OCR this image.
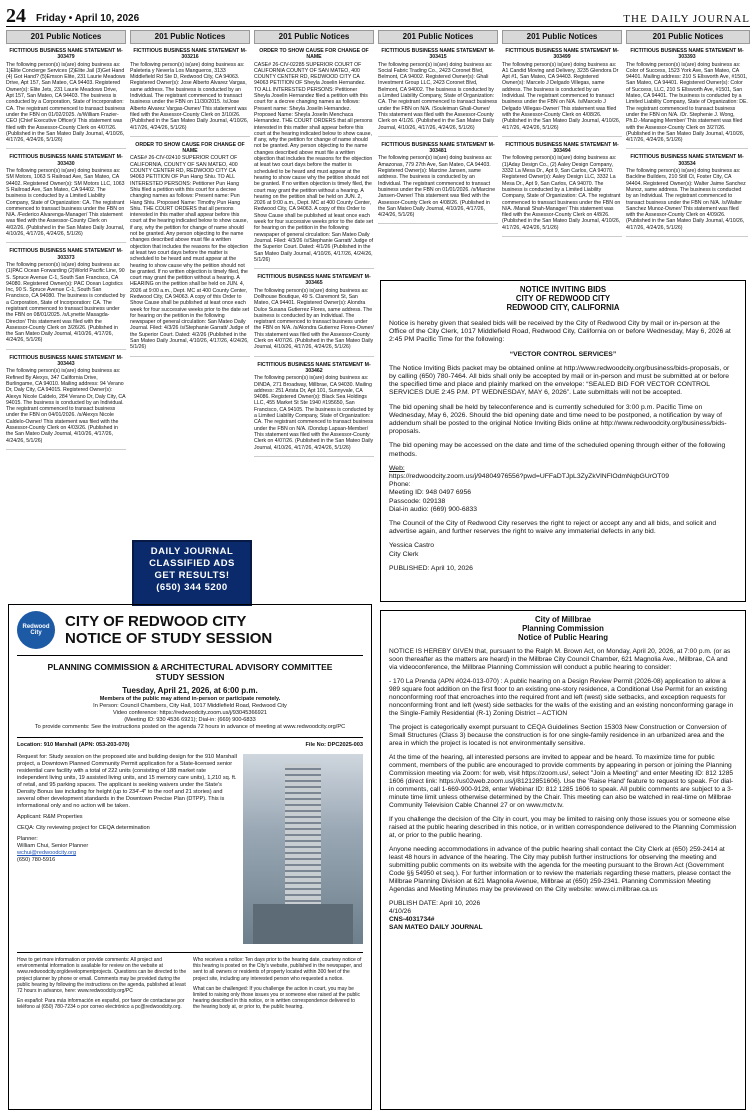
24 Friday • April 10, 2026	THE DAILY JOURNAL
201 Public Notices	201 Public Notices	201 Public Notices	201 Public Notices	201 Public Notices	201 Public Notices
FICTITIOUS BUSINESS NAME STATEMENT M-303479

The following person(s) is(are) doing business as: 1)Elite Concierge Services (2)Elite Jail (3)Get Hand (4) Got Hand? (5)Emson Elite, 231 Laurie Meadows Drive, Apt 157, San Mateo, CA 94403. Registered Owner(s): Elite Jets, 231 Laurie Meadows Drive, Apt 157, San Mateo, CA 94403. The business is conducted by a Corporation, State of Incorporation: CA. The registrant commenced to transact business under the FBN on 01/02/2025. /s/William Frazier-CEO (Chief Executive Officer)/ This statement was filed with the Assessor-County Clerk on 4/07/26. (Published in the San Mateo Daily Journal, 4/10/26, 4/17/26, 4/24/26, 5/1/26)

FICTITIOUS BUSINESS NAME STATEMENT M-303430

The following person(s) is(are) doing business as: SM Motors, 1063 S Railroad Ave, San Mateo, CA 94402. Registered Owner(s): SM Motors LLC, 1063 S Railroad Ave, San Mateo, CA 94402. The business is conducted by a Limited Liability Company, State of Organization: CA. The registrant commenced to transact business under the FBN on N/A. /Federico Alvarenga-Manager/ This statement was filed with the Assessor-County Clerk on 4/02/26. (Published in the San Mateo Daily Journal, 4/10/26, 4/17/26, 4/24/26, 5/1/26)

FICTITIOUS BUSINESS NAME STATEMENT M-303373

The following person(s) is(are) doing business as: (1)PAC Ocean Forwarding (2)World Pacific Line, 90 S. Spruce Avenue C-1, South San Francisco, CA 94080. Registered Owner(s): PAC Ocean Logistics Inc, 90 S. Spruce Avenue C-1, South San Francisco, CA 94080. The business is conducted by a Corporation, State of Incorporation: CA. The registrant commenced to transact business under the FBN on 08/01/2025. /s/Lynette Masagda-Director/ This statement was filed with the Assessor-County Clerk on 3/26/26. (Published in the San Mateo Daily Journal, 4/10/26, 4/17/26, 4/24/26, 5/1/26)

FICTITIOUS BUSINESS NAME STATEMENT M-303443

The following person(s) is(are) doing business as: Refined By Alexys, 347 California Drive, Burlingame, CA 94010. Mailing address: 94 Verano Dr, Daly City, CA 94015. Registered Owner(s): Alexys Nicole Caldelo, 284 Verano Dr, Daly City, CA 94015. The business is conducted by an Individual. The registrant commenced to transact business under the FBN on 04/01/2026. /s/Alexys Nicole Caldelo-Owner/ This statement was filed with the Assessor-County Clerk on 4/03/26. (Published in the San Mateo Daily Journal, 4/10/26, 4/17/26, 4/24/26, 5/1/26)

FICTITIOUS BUSINESS NAME STATEMENT M-303216

The following person(s) is(are) doing business as: Paleteria y Nevería Los Mangueros, 3133 Middlefield Rd Ste D, Redwood City, CA 94063. Registered Owner(s): Jose Alberto Alvarez Vargas, same address. The business is conducted by an Individual. The registrant commenced to transact business under the FBN on 11/30/2015. /s/Jose Alberto Alvarez Vargas-Owner/ This statement was filed with the Assessor-County Clerk on 3/10/26. (Published in the San Mateo Daily Journal, 4/10/26, 4/17/26, 4/24/26, 5/1/26)

ORDER TO SHOW CAUSE FOR CHANGE OF NAME

CASE# 26-CIV-02410 SUPERIOR COURT OF CALIFORNIA, COUNTY OF SAN MATEO, 400 COUNTY CENTER RD, REDWOOD CITY CA 94063 PETITION OF Pun Hang Shiu. TO ALL INTERESTED PERSONS: Petitioner Pun Hang Shiu filed a petition with this court for a decree changing names as follows: Present name: Pun Hang Shiu. Proposed Name: Timothy Pun Hang Shiu. THE COURT ORDERS that all persons interested in this matter shall appear before this court at the hearing indicated below to show cause, if any, why the petition for change of name should not be granted. Any person objecting to the name changes described above must file a written objection that includes the reasons for the objection at least two court days before the matter is scheduled to be heard and must appear at the hearing to show cause why the petition should not be granted. If no written objection is timely filed, the court may grant the petition without a hearing. A HEARING on the petition shall be held on JUN. 4, 2026 at 9:00 a.m., Dept. MC at 400 County Center, Redwood City, CA 94063. A copy of this Order to Show Cause shall be published at least once each week for four successive weeks prior to the date set for hearing on the petition in the following newspaper of general circulation: San Mateo Daily Journal. Filed: 4/3/26 /s/Stephanie Garratt/ Judge of the Superior Court. Dated: 4/2/26 (Published in the San Mateo Daily Journal, 4/10/26, 4/17/26, 4/24/26, 5/1/26)

DAILY JOURNAL
CLASSIFIED ADS
GET RESULTS!
(650) 344 5200
ORDER TO SHOW CAUSE FOR CHANGE OF NAME

CASE# 26-CIV-02285 SUPERIOR COURT OF CALIFORNIA COUNTY OF SAN MATEO, 400 COUNTY CENTER RD, REDWOOD CITY CA 94063 PETITION OF Sheyla Joselin Hernandez. TO ALL INTERESTED PERSONS: Petitioner Sheyla Joselin Hernandez filed a petition with this court for a decree changing names as follows: Present name: Sheyla Joselin Hernandez. Proposed Name: Sheyla Joselin Menchaca Hernandez. THE COURT ORDERS that all persons interested in this matter shall appear before this court at the hearing indicated below to show cause, if any, why the petition for change of name should not be granted. Any person objecting to the name changes described above must file a written objection that includes the reasons for the objection at least two court days before the matter is scheduled to be heard and must appear at the hearing to show cause why the petition should not be granted. If no written objection is timely filed, the court may grant the petition without a hearing. A hearing on the petition shall be held on JUN. 2, 2026 at 9:00 a.m., Dept. MC at 400 County Center, Redwood City, CA 94063. A copy of this Order to Show Cause shall be published at least once each week for four successive weeks prior to the date set for hearing on the petition in the following newspaper of general circulation: San Mateo Daily Journal. Filed: 4/3/26 /s/Stephanie Garratt/ Judge of the Superior Court. Dated: 4/1/26 (Published in the San Mateo Daily Journal, 4/10/26, 4/17/26, 4/24/26, 5/1/26)

FICTITIOUS BUSINESS NAME STATEMENT M-303465

The following person(s) is(are) doing business as: Dollhouse Boutique, 49 S. Claremont St, San Mateo, CA 94401. Registered Owner(s): Alondra Dulce Susana Gutierrez Flores, same address. The business is conducted by an Individual. The registrant commenced to transact business under the FBN on N/A. /s/Alondra Gutierrez Flores-Owner/ This statement was filed with the Assessor-County Clerk on 4/07/26. (Published in the San Mateo Daily Journal, 4/10/26, 4/17/26, 4/24/26, 5/1/26)

FICTITIOUS BUSINESS NAME STATEMENT M-303462

The following person(s) is(are) doing business as: DINDA, 271 Broadway, Millbrae, CA 94030. Mailing address: 251 Arista Dr, Apt 101, Sunnyvale, CA 94086. Registered Owner(s): Black Sea Holdings LLC, 455 Market St Ste 1940 #195650, San Francisco, CA 94105. The business is conducted by a Limited Liability Company, State of Organization: CA. The registrant commenced to transact business under the FBN on N/A. /Dondup Lapsan-Member/ This statement was filed with the Assessor-County Clerk on 4/07/26. (Published in the San Mateo Daily Journal, 4/10/26, 4/17/26, 4/24/26, 5/1/26)

FICTITIOUS BUSINESS NAME STATEMENT M-303415

The following person(s) is(are) doing business as: Social Fabric Trading Co., 2423 Coronet Blvd, Belmont, CA 94002. Registered Owner(s): Ghali Investment Group LLC, 2423 Coronet Blvd, Belmont, CA 94002. The business is conducted by a Limited Liability Company, State of Organization: CA. The registrant commenced to transact business under the FBN on N/A. /Souleiman Ghali-Owner/ This statement was filed with the Assessor-County Clerk on 4/1/26. (Published in the San Mateo Daily Journal, 4/10/26, 4/17/26, 4/24/26, 5/1/26)

FICTITIOUS BUSINESS NAME STATEMENT M-303481

The following person(s) is(are) doing business as: Amazonas, 779 27th Ave, San Mateo, CA 94403. Registered Owner(s): Marcine Jansen, same address. The business is conducted by an Individual. The registrant commenced to transact business under the FBN on 01/01/2026. /s/Marcine Jansen-Owner/ This statement was filed with the Assessor-County Clerk on 4/08/26. (Published in the San Mateo Daily Journal, 4/10/26, 4/17/26, 4/24/26, 5/1/26)

FICTITIOUS BUSINESS NAME STATEMENT M-303499

The following person(s) is(are) doing business as: A1 Candid Moving and Delivery, 3235 Glendora Dr Apt #1, San Mateo, CA 94403. Registered Owner(s): Marcelo J Delgado Villegas, same address. The business is conducted by an Individual. The registrant commenced to transact business under the FBN on N/A. /s/Marcelo J Delgado Villegas-Owner/ This statement was filed with the Assessor-County Clerk on 4/08/26. (Published in the San Mateo Daily Journal, 4/10/26, 4/17/26, 4/24/26, 5/1/26)

FICTITIOUS BUSINESS NAME STATEMENT M-303494

The following person(s) is(are) doing business as: (1)Aday Design Co., (2) Aaley Design Company, 3332 La Mesa Dr., Apt 9, San Carlos, CA 94070. Registered Owner(s): Aaley Design LLC, 3332 La Mesa Dr., Apt 9, San Carlos, CA 94070. The business is conducted by a Limited Liability Company, State of Organization: CA. The registrant commenced to transact business under the FBN on N/A. /Manali Shah-Manager/ This statement was filed with the Assessor-County Clerk on 4/8/26. (Published in the San Mateo Daily Journal, 4/10/26, 4/17/26, 4/24/26, 5/1/26)

FICTITIOUS BUSINESS NAME STATEMENT M-303393

The following person(s) is(are) doing business as: Color of Success, 1523 York Ave, San Mateo, CA 94401. Mailing address: 210 S Ellsworth Ave, #1501, San Mateo, CA 94401. Registered Owner(s): Color of Success, LLC, 210 S Ellsworth Ave, #1501, San Mateo, CA 94401. The business is conducted by a Limited Liability Company, State of Organization: DE. The registrant commenced to transact business under the FBN on N/A. /Dr. Stephenie J. Wong, Ph.D.-Managing Member/ This statement was filed with the Assessor-County Clerk on 3/27/26. (Published in the San Mateo Daily Journal, 4/10/26, 4/17/26, 4/24/26, 5/1/26)

FICTITIOUS BUSINESS NAME STATEMENT M-303534

The following person(s) is(are) doing business as: Backline Builders, 210 Still Ct, Foster City, CA 94404. Registered Owner(s): Walter Jaime Sanchez Munoz, same address. The business is conducted by an Individual. The registrant commenced to transact business under the FBN on N/A. /s/Walter Sanchez Munoz-Owner/ This statement was filed with the Assessor-County Clerk on 4/09/26. (Published in the San Mateo Daily Journal, 4/10/26, 4/17/26, 4/24/26, 5/1/26)

NOTICE INVITING BIDS
CITY OF REDWOOD CITY
REDWOOD CITY, CALIFORNIA

Notice is hereby given that sealed bids will be received by the City of Redwood City by mail or in-person at the Office of the City Clerk, 1017 Middlefield Road, Redwood City, California on or before Wednesday, May 6, 2026 at 2:45 PM Pacific Time for the following:

“VECTOR CONTROL SERVICES”

The Notice Inviting Bids packet may be obtained online at http://www.redwoodcity.org/business/bids-proposals, or by calling (650) 780-7464. All bids shall only be accepted by mail or in-person and must be submitted at or before the specified time and place and plainly marked on the envelope: “SEALED BID FOR VECTOR CONTROL SERVICES DUE 2:45 P.M. PT WEDNESDAY, MAY 6, 2026”. Late submittals will not be accepted.

The bid opening shall be held by teleconference and is currently scheduled for 3:00 p.m. Pacific Time on Wednesday, May 6, 2026. Should the bid opening date and time need to be postponed, a notification by way of addendum shall be posted to the original Notice Inviting Bids online at http://www.redwoodcity.org/business/bids-proposals.

The bid opening may be accessed on the date and time of the scheduled opening through either of the following methods.

Web:
https://redwoodcity.zoom.us/j/94804976556?pwd=UFFaDTJpL3ZyZkVlNFlOdmNqbGUrOT09
Phone:
Meeting ID: 948 0497 6956
Passcode: 029138
Dial-in audio: (669) 900-6833

The Council of the City of Redwood City reserves the right to reject or accept any and all bids, and solicit and advertise again, and further reserves the right to waive any immaterial defects in any bid.

Yessica Castro
City Clerk
PUBLISHED: April 10, 2026
Redwood City
CITY OF REDWOOD CITY
NOTICE OF STUDY SESSION
PLANNING COMMISSION & ARCHITECTURAL ADVISORY COMMITTEE
STUDY SESSION
Tuesday, April 21, 2026, at 6:00 p.m.
Members of the public may attend in-person or participate remotely.
In Person: Council Chambers, City Hall, 1017 Middlefield Road, Redwood City
Video conference: https://redwoodcity.zoom.us/j/93045366921
(Meeting ID: 930 4536 6921); Dial-in: (669) 900-6833
To provide comments: See the instructions posted on the agenda 72 hours in advance of meeting at www.redwoodcity.org/PC
Location: 910 Marshall (APN: 053-203-070)	File No: DPC2025-003

Request for: Study session on the proposed site and building design for the 910 Marshall project, a Downtown Planned Community Permit application for a State-licensed senior residential care facility with a total of 222 units (consisting of 188 market rate independent living units, 19 assisted living units, and 15 memory care units), 1,210 sq. ft. of retail, and 95 parking spaces. The applicant is seeking waivers under the State's Density Bonus law including for height (up to 234'-4" to the roof and 21 stories) and several other development standards in the Downtown Precise Plan (DTPP). This is informational only and no action will be taken.

Applicant: R&M Properties

CEQA: City reviewing project for CEQA determination

Planner:
William Chui, Senior Planner
wchui@redwoodcity.org
(650) 780-5916

How to get more information or provide comments: All project and environmental information is available for review on the website at www.redwoodcity.org/developmentprojects. Questions can be directed to the project planner by phone or email. Comments may be provided during the public hearing by following the instructions on the agenda, published at least 72 hours in advance, here: www.redwoodcity.org/PC

En español: Para más información en español, por favor de contactarse por teléfono al (650) 780-7234 o por correo electrónico a pc@redwoodcity.org.

Who receives a notice: Ten days prior to the hearing date, courtesy notice of this hearing is posted on the City's website, published in the newspaper, and sent to all owners or residents of property located within 300 feet of the project site, including any interested person who requested a notice.

What can be challenged: If you challenge the action in court, you may be limited to raising only those issues you or someone else raised at the public hearing described in this notice, or in written correspondence delivered to the hearing body at, or prior to, the public hearing.

City of Millbrae
Planning Commission
Notice of Public Hearing

NOTICE IS HEREBY GIVEN that, pursuant to the Ralph M. Brown Act, on Monday, April 20, 2026, at 7:00 p.m. (or as soon thereafter as the matters are heard) in the Millbrae City Council Chamber, 621 Magnolia Ave., Millbrae, CA and via videoconference, the Millbrae Planning Commission will conduct a public hearing to consider:

- 170 La Prenda (APN #024-013-070) : A public hearing on a Design Review Permit (2026-08) application to allow a 989 square foot addition on the first floor to an existing one-story residence, a Conditional Use Permit for an existing nonconforming roof that encroaches into the required front and left (west) side setbacks, and exception requests for nonconforming front and left (west) side setbacks for the walls of the existing and an existing nonconforming garage in the Single-Family Residential (R-1) Zoning District – ACTION

The project is categorically exempt pursuant to CEQA Guidelines Section 15303 New Construction or Conversion of Small Structures (Class 3) because the construction is for one single-family residence in an urbanized area and the area in which the project is located is not environmentally sensitive.

At the time of the hearing, all interested persons are invited to appear and be heard. To maximize time for public comment, members of the public are encouraged to provide comments by appearing in person or joining the Planning Commission meeting via Zoom: for web, visit https://zoom.us/, select "Join a Meeting" and enter Meeting ID: 812 1285 1606 (direct link: https://us02web.zoom.us/j/81212851606). Use the 'Raise Hand' feature to request to speak. For dial-in comments, call 1-669-900-9128, enter Webinar ID: 812 1285 1606 to speak. All public comments are subject to a 3-minute time limit unless otherwise determined by the Chair. This meeting can also be watched in real-time on Millbrae Community Television Cable Channel 27 or on www.mctv.tv.

If you challenge the decision of the City in court, you may be limited to raising only those issues you or someone else raised at the public hearing described in this notice, or in written correspondence delivered to the Planning Commission at, or prior to the public hearing.

Anyone needing accommodations in advance of the public hearing shall contact the City Clerk at (650) 259-2414 at least 48 hours in advance of the hearing. The City may publish further instructions for observing the meeting and submitting public comments on its website with the agenda for the meeting pursuant to the Brown Act (Government Code §§ 54950 et seq.). For further information or to review the materials regarding these matters, please contact the Millbrae Planning Division at 621 Magnolia Avenue, Millbrae at (650) 259-2341. Planning Commission Meeting Agendas and Meeting Minutes may be previewed on the City website: www.ci.millbrae.ca.us

PUBLISH DATE: April 10, 2026
4/10/26
CNS-4031734#
SAN MATEO DAILY JOURNAL
